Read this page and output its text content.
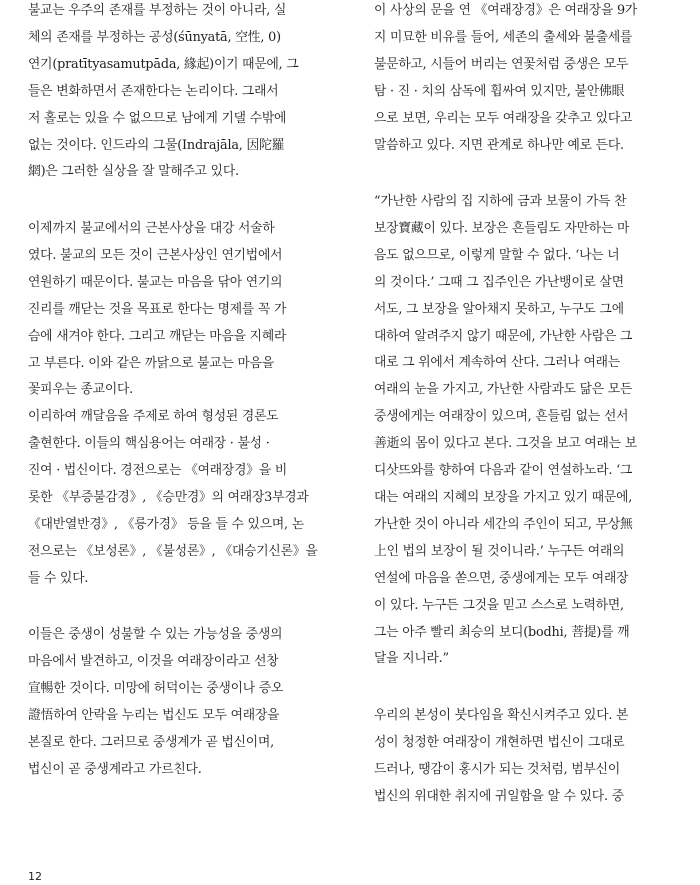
불교는 우주의 존재를 부정하는 것이 아니라, 실
체의 존재를 부정하는 공성(śūnyatā, 空性, 0)
연기(pratītyasamutpāda, 緣起)이기 때문에, 그
들은 변화하면서 존재한다는 논리이다. 그래서
저 홀로는 있을 수 없으므로 남에게 기댈 수밖에
없는 것이다. 인드라의 그물(Indrajāla, 因陀羅
網)은 그러한 실상을 잘 말해주고 있다.

이제까지 불교에서의 근본사상을 대강 서술하
였다. 불교의 모든 것이 근본사상인 연기법에서
연원하기 때문이다. 불교는 마음을 닦아 연기의
진리를 깨닫는 것을 목표로 한다는 명제를 꼭 가
슴에 새겨야 한다. 그리고 깨닫는 마음을 지혜라
고 부른다. 이와 같은 까닭으로 불교는 마음을
꽃피우는 종교이다.
이리하여 깨달음을 주제로 하여 형성된 경론도
출현한다. 이들의 핵심용어는 여래장 · 불성 ·
진여 · 법신이다. 경전으로는 《여래장경》을 비
롯한 《부증불감경》, 《승만경》의 여래장3부경과
《대반열반경》, 《릉가경》 등을 들 수 있으며, 논
전으로는 《보성론》, 《불성론》, 《대승기신론》을
들 수 있다.

이들은 중생이 성불할 수 있는 가능성을 중생의
마음에서 발견하고, 이것을 여래장이라고 선창
宣暢한 것이다. 미망에 허덕이는 중생이나 증오
證悟하여 안락을 누리는 법신도 모두 여래장을
본질로 한다. 그러므로 중생계가 곧 법신이며,
법신이 곧 중생계라고 가르친다.

이 사상의 문을 연 《여래장경》은 여래장을 9가
지 미묘한 비유를 들어, 세존의 출세와 불출세를
불문하고, 시들어 버리는 연꽃처럼 중생은 모두
탐 · 진 · 치의 삼독에 휩싸여 있지만, 불안佛眼
으로 보면, 우리는 모두 여래장을 갖추고 있다고
말씀하고 있다. 지면 관계로 하나만 예로 든다.

“가난한 사람의 집 지하에 금과 보물이 가득 찬
보장寶藏이 있다. 보장은 흔들림도 자만하는 마
음도 없으므로, 이렇게 말할 수 없다. ‘나는 너
의 것이다.’ 그때 그 집주인은 가난뱅이로 살면
서도, 그 보장을 알아채지 못하고, 누구도 그에
대하여 알려주지 않기 때문에, 가난한 사람은 그
대로 그 위에서 계속하여 산다. 그러나 여래는
여래의 눈을 가지고, 가난한 사람과도 닮은 모든
중생에게는 여래장이 있으며, 흔들림 없는 선서
善逝의 몸이 있다고 본다. 그것을 보고 여래는 보
디삿뜨와를 향하여 다음과 같이 연설하노라. ‘그
대는 여래의 지혜의 보장을 가지고 있기 때문에,
가난한 것이 아니라 세간의 주인이 되고, 무상無
上인 법의 보장이 될 것이니라.’ 누구든 여래의
연설에 마음을 쏟으면, 중생에게는 모두 여래장
이 있다. 누구든 그것을 믿고 스스로 노력하면,
그는 아주 빨리 최승의 보디(bodhi, 菩提)를 깨
달을 지니라.”

우리의 본성이 붓다임을 확신시켜주고 있다. 본
성이 청정한 여래장이 개현하면 법신이 그대로
드러나, 땡감이 홍시가 되는 것처럼, 범부신이
법신의 위대한 취지에 귀일함을 알 수 있다. 중

12
